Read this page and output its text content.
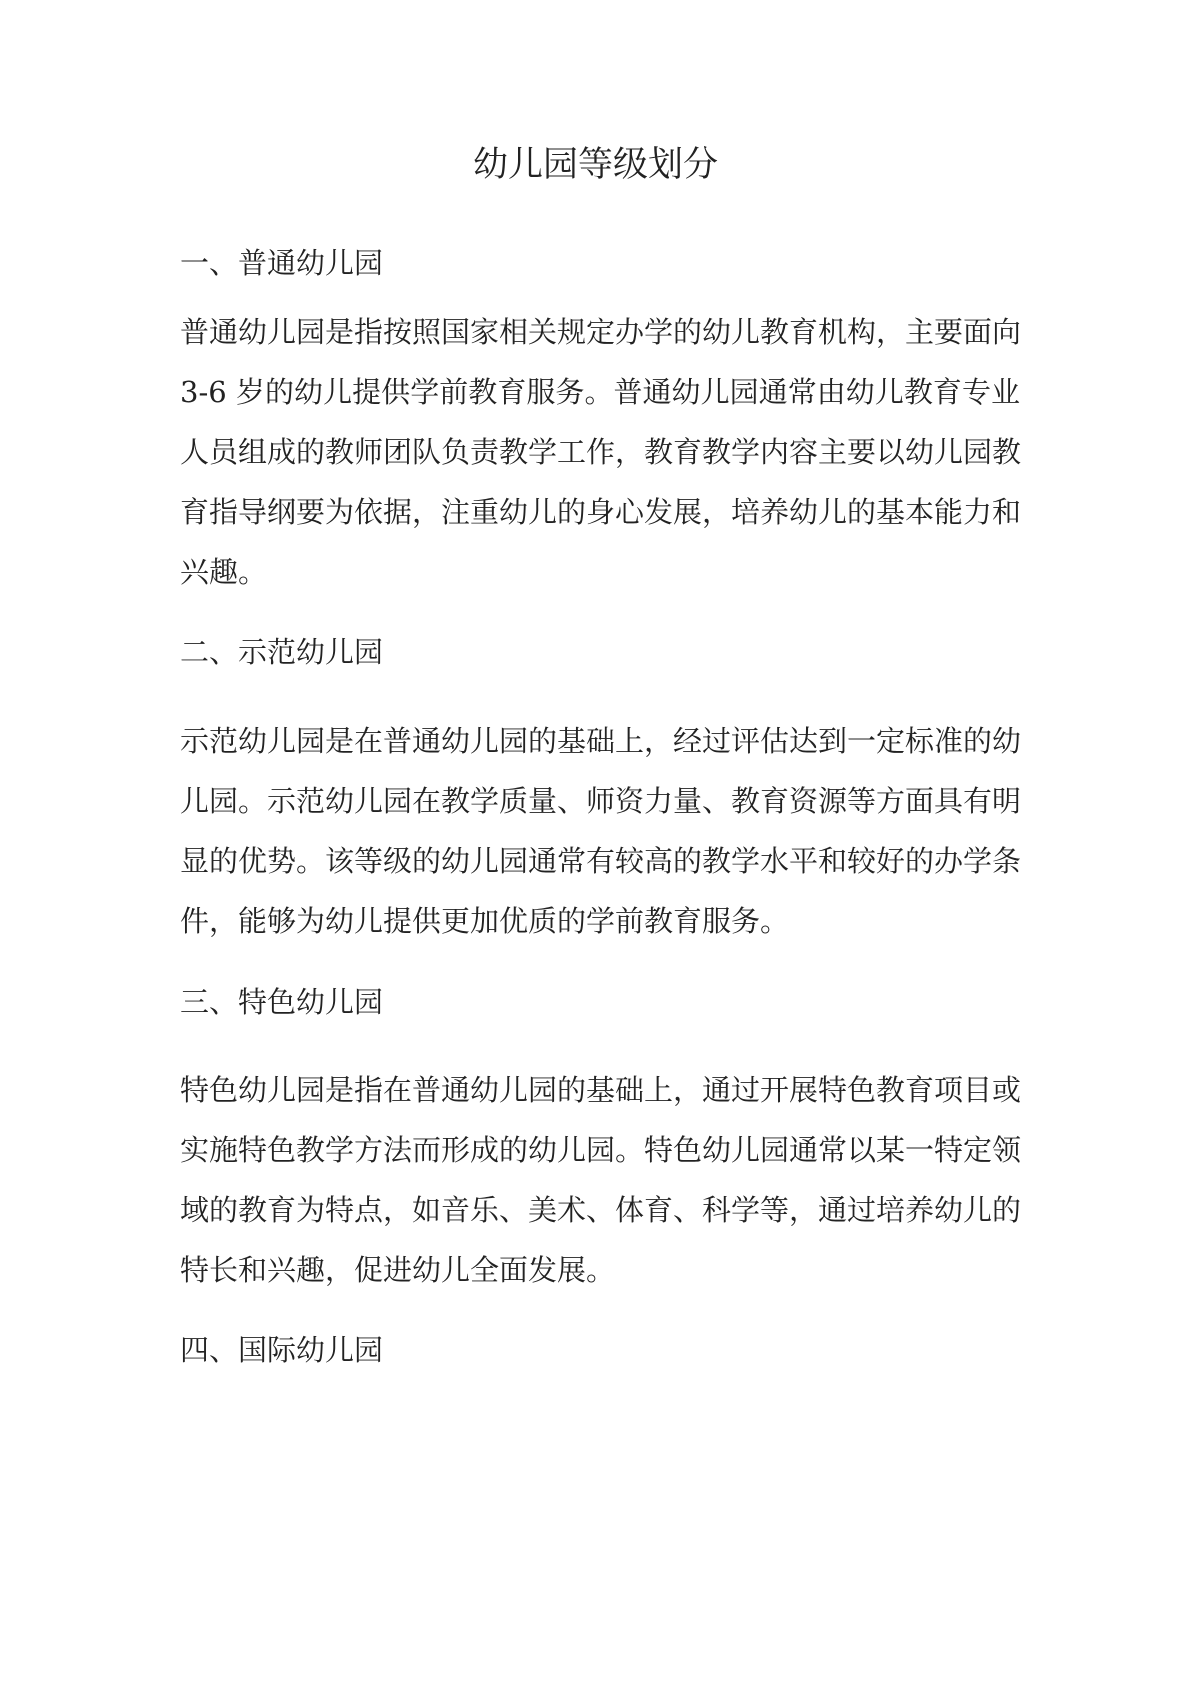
幼儿园等级划分
一、普通幼儿园
普通幼儿园是指按照国家相关规定办学的幼儿教育机构，主要面向
3-6 岁的幼儿提供学前教育服务。普通幼儿园通常由幼儿教育专业
人员组成的教师团队负责教学工作，教育教学内容主要以幼儿园教
育指导纲要为依据，注重幼儿的身心发展，培养幼儿的基本能力和
兴趣。
二、示范幼儿园
示范幼儿园是在普通幼儿园的基础上，经过评估达到一定标准的幼
儿园。示范幼儿园在教学质量、师资力量、教育资源等方面具有明
显的优势。该等级的幼儿园通常有较高的教学水平和较好的办学条
件，能够为幼儿提供更加优质的学前教育服务。
三、特色幼儿园
特色幼儿园是指在普通幼儿园的基础上，通过开展特色教育项目或
实施特色教学方法而形成的幼儿园。特色幼儿园通常以某一特定领
域的教育为特点，如音乐、美术、体育、科学等，通过培养幼儿的
特长和兴趣，促进幼儿全面发展。
四、国际幼儿园
